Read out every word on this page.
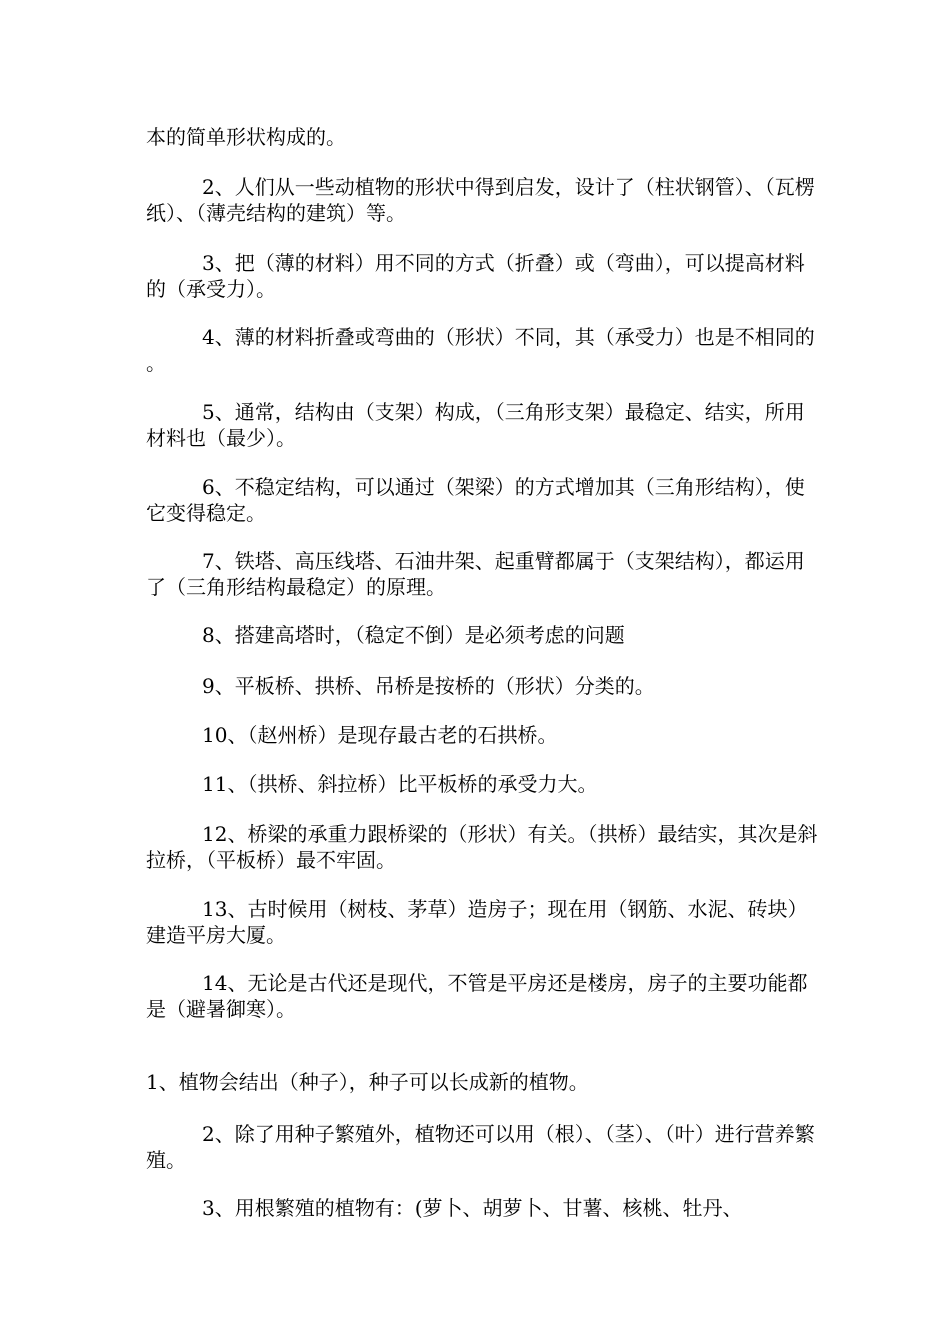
本的简单形状构成的。

2、人们从一些动植物的形状中得到启发，设计了（柱状钢管）、（瓦楞纸）、（薄壳结构的建筑）等。

3、把（薄的材料）用不同的方式（折叠）或（弯曲），可以提高材料的（承受力）。

4、薄的材料折叠或弯曲的（形状）不同，其（承受力）也是不相同的。

5、通常，结构由（支架）构成，（三角形支架）最稳定、结实，所用材料也（最少）。

6、不稳定结构，可以通过（架梁）的方式增加其（三角形结构），使它变得稳定。

7、铁塔、高压线塔、石油井架、起重臂都属于（支架结构），都运用了（三角形结构最稳定）的原理。

8、搭建高塔时，（稳定不倒）是必须考虑的问题

9、平板桥、拱桥、吊桥是按桥的（形状）分类的。

10、（赵州桥）是现存最古老的石拱桥。

11、（拱桥、斜拉桥）比平板桥的承受力大。

12、桥梁的承重力跟桥梁的（形状）有关。（拱桥）最结实，其次是斜拉桥，（平板桥）最不牢固。

13、古时候用（树枝、茅草）造房子；现在用（钢筋、水泥、砖块）建造平房大厦。

14、无论是古代还是现代，不管是平房还是楼房，房子的主要功能都是（避暑御寒）。

1、植物会结出（种子），种子可以长成新的植物。

2、除了用种子繁殖外，植物还可以用（根）、（茎）、（叶）进行营养繁殖。

3、用根繁殖的植物有：(萝卜、胡萝卜、甘薯、核桃、牡丹、
